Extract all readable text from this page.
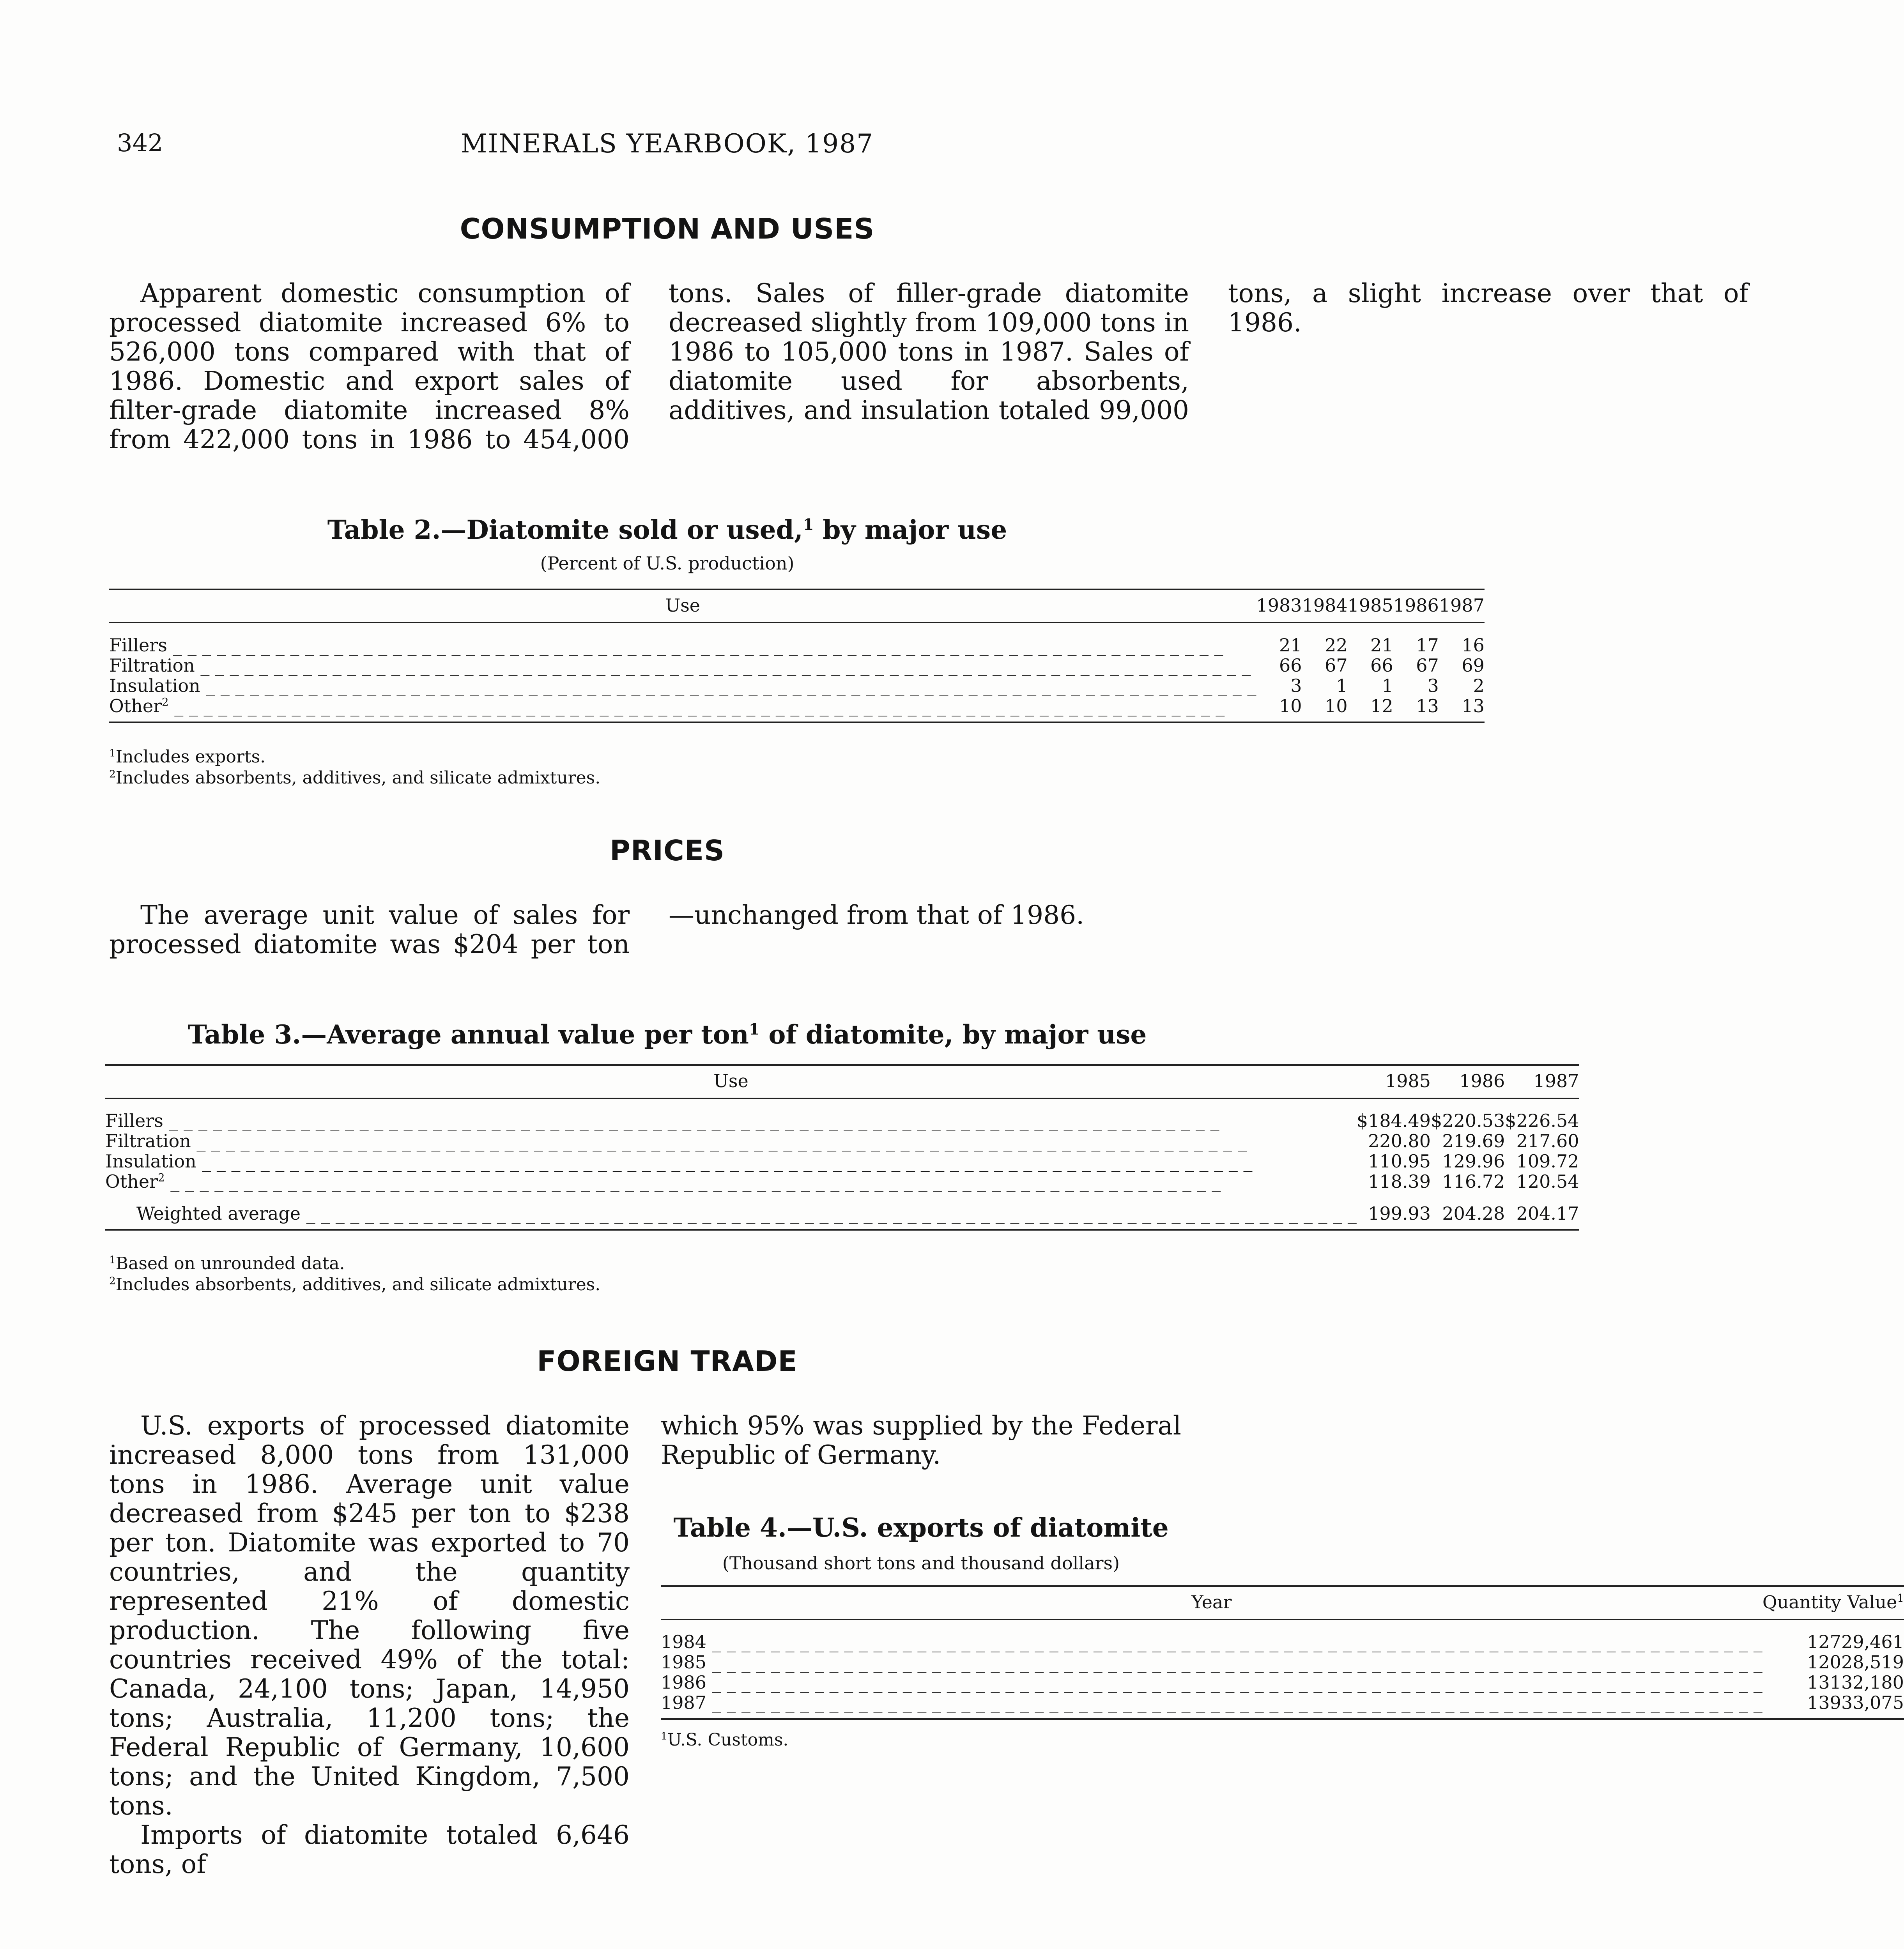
342	MINERALS YEARBOOK, 1987
CONSUMPTION AND USES
Apparent domestic consumption of processed diatomite increased 6% to 526,000 tons compared with that of 1986. Domestic and export sales of filter-grade diatomite increased 8% from 422,000 tons in 1986 to 454,000 tons. Sales of filler-grade diatomite decreased slightly from 109,000 tons in 1986 to 105,000 tons in 1987. Sales of diatomite used for absorbents, additives, and insulation totaled 99,000 tons, a slight increase over that of 1986.
Table 2.—Diatomite sold or used,$^1$ by major use
(Percent of U.S. production)
Use	1983	1984	1985	1986	1987
Fillers _ _ _	21	22	21	17	16
Filtration _ _ _	66	67	66	67	69
Insulation _ _ _	3	1	1	3	2
Other$^2$ _ _ _	10	10	12	13	13
$^1$Includes exports.
$^2$Includes absorbents, additives, and silicate admixtures.
PRICES
The average unit value of sales for processed diatomite was $204 per ton—unchanged from that of 1986.
Table 3.—Average annual value per ton$^1$ of diatomite, by major use
Use	1985	1986	1987
Fillers _ _ _	$184.49	$220.53	$226.54
Filtration _ _ _	220.80	219.69	217.60
Insulation _ _ _	110.95	129.96	109.72
Other$^2$ _ _ _	118.39	116.72	120.54
Weighted average _ _ _	199.93	204.28	204.17
$^1$Based on unrounded data.
$^2$Includes absorbents, additives, and silicate admixtures.
FOREIGN TRADE

U.S. exports of processed diatomite increased 8,000 tons from 131,000 tons in 1986. Average unit value decreased from $245 per ton to $238 per ton. Diatomite was exported to 70 countries, and the quantity represented 21% of domestic production. The following five countries received 49% of the total: Canada, 24,100 tons; Japan, 14,950 tons; Australia, 11,200 tons; the Federal Republic of Germany, 10,600 tons; and the United Kingdom, 7,500 tons.

Imports of diatomite totaled 6,646 tons, of

which 95% was supplied by the Federal Republic of Germany.

Table 4.—U.S. exports of diatomite
(Thousand short tons and thousand dollars)
Year	Quantity	Value$^1$
1984 _ _ _	127	29,461
1985 _ _ _	120	28,519
1986 _ _ _	131	32,180
1987 _ _ _	139	33,075
$^1$U.S. Customs.
